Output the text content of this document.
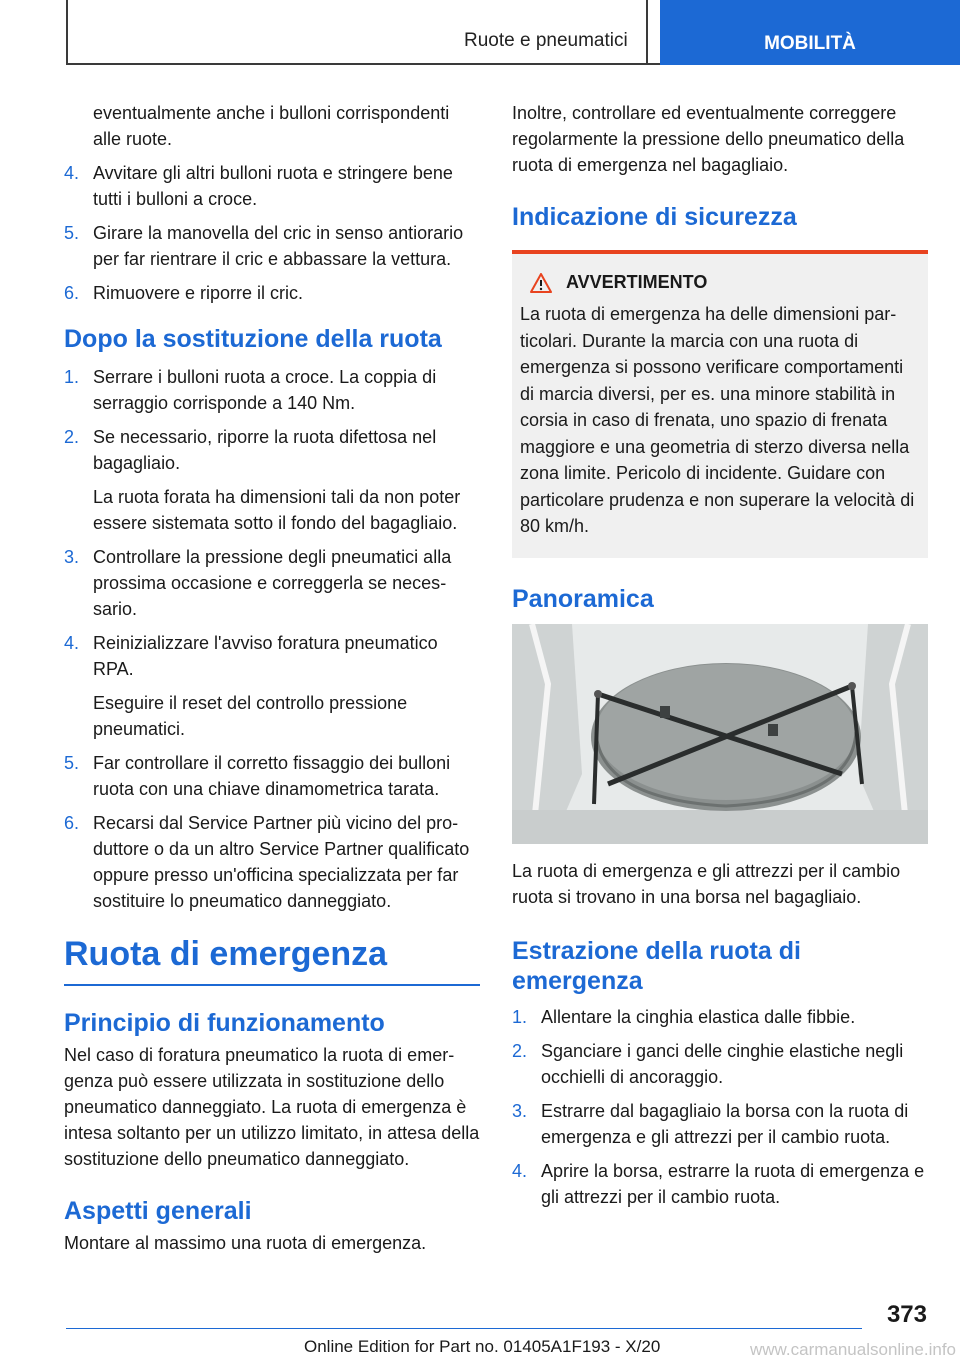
Ruote e pneumatici	MOBILITÀ

eventualmente anche i bulloni corrispondenti alle ruote.

4. Avvitare gli altri bulloni ruota e stringere bene tutti i bulloni a croce.
5. Girare la manovella del cric in senso antiorario per far rientrare il cric e abbassare la vettura.
6. Rimuovere e riporre il cric.
Dopo la sostituzione della ruota
1. Serrare i bulloni ruota a croce. La coppia di serraggio corrisponde a 140 Nm.
2. Se necessario, riporre la ruota difettosa nel bagagliaio.
La ruota forata ha dimensioni tali da non poter essere sistemata sotto il fondo del bagagliaio.
3. Controllare la pressione degli pneumatici alla prossima occasione e correggerla se necessario.
4. Reinizializzare l'avviso foratura pneumatico RPA.
Eseguire il reset del controllo pressione pneumatici.
5. Far controllare il corretto fissaggio dei bulloni ruota con una chiave dinamometrica tarata.
6. Recarsi dal Service Partner più vicino del produttore o da un altro Service Partner qualificato oppure presso un'officina specializzata per far sostituire lo pneumatico danneggiato.
Ruota di emergenza
Principio di funzionamento

Nel caso di foratura pneumatico la ruota di emergenza può essere utilizzata in sostituzione dello pneumatico danneggiato. La ruota di emergenza è intesa soltanto per un utilizzo limitato, in attesa della sostituzione dello pneumatico danneggiato.

Aspetti generali

Montare al massimo una ruota di emergenza.

Inoltre, controllare ed eventualmente correggere regolarmente la pressione dello pneumatico della ruota di emergenza nel bagagliaio.

Indicazione di sicurezza
AVVERTIMENTO

La ruota di emergenza ha delle dimensioni particolari. Durante la marcia con una ruota di emergenza si possono verificare comportamenti di marcia diversi, per es. una minore stabilità in corsia in caso di frenata, uno spazio di frenata maggiore e una geometria di sterzo diversa nella zona limite. Pericolo di incidente. Guidare con particolare prudenza e non superare la velocità di 80 km/h.

Panoramica

La ruota di emergenza e gli attrezzi per il cambio ruota si trovano in una borsa nel bagagliaio.

Estrazione della ruota di emergenza
1. Allentare la cinghia elastica dalle fibbie.
2. Sganciare i ganci delle cinghie elastiche negli occhielli di ancoraggio.
3. Estrarre dal bagagliaio la borsa con la ruota di emergenza e gli attrezzi per il cambio ruota.
4. Aprire la borsa, estrarre la ruota di emergenza e gli attrezzi per il cambio ruota.
373
Online Edition for Part no. 01405A1F193 - X/20	www.carmanualsonline.info
